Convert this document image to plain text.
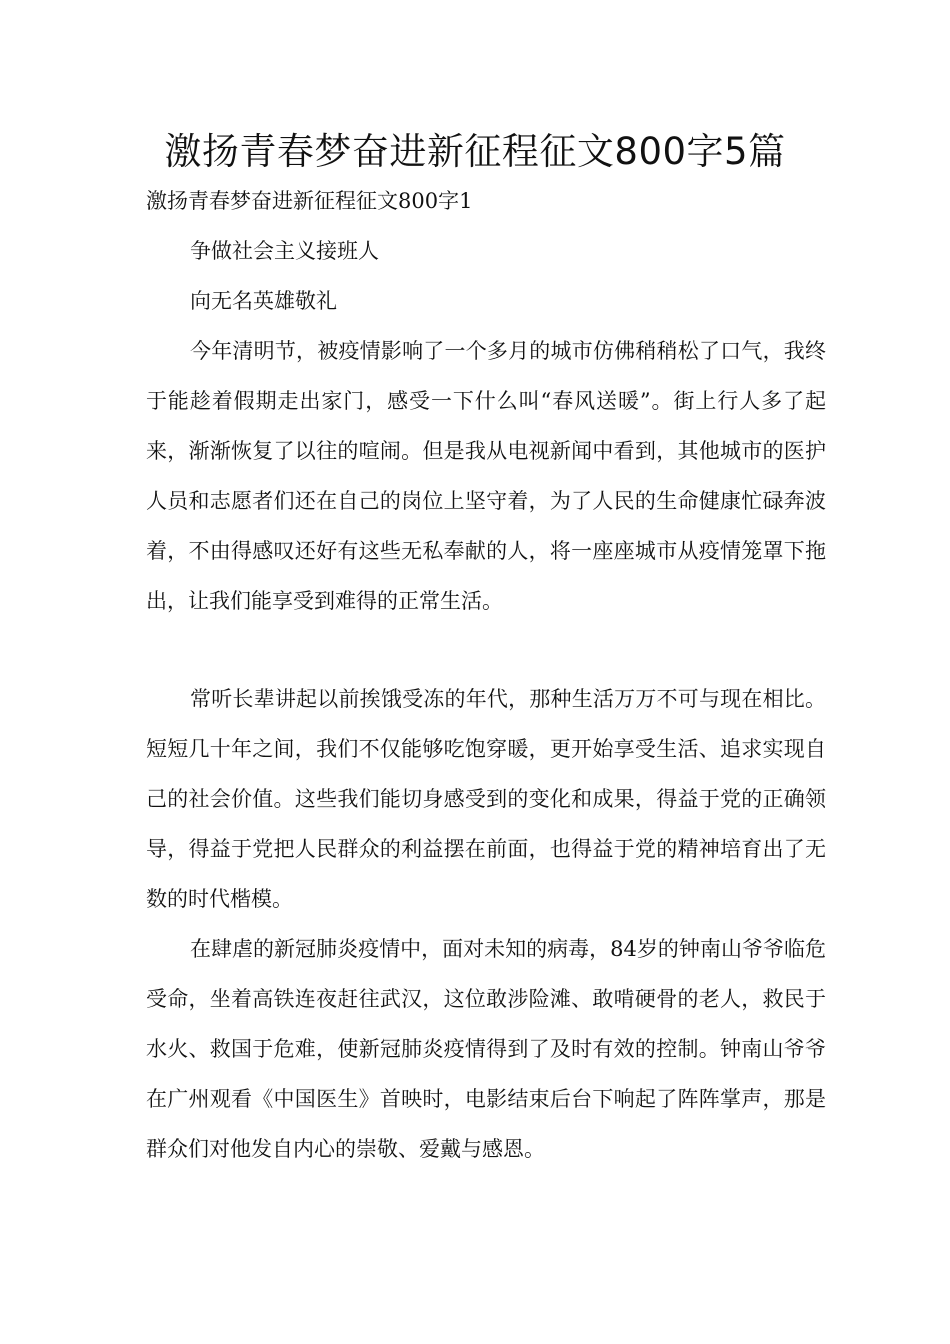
激扬青春梦奋进新征程征文800字5篇

激扬青春梦奋进新征程征文800字1

争做社会主义接班人

向无名英雄敬礼

今年清明节，被疫情影响了一个多月的城市仿佛稍稍松了口气，我终于能趁着假期走出家门，感受一下什么叫“春风送暖”。街上行人多了起来，渐渐恢复了以往的喧闹。但是我从电视新闻中看到，其他城市的医护人员和志愿者们还在自己的岗位上坚守着，为了人民的生命健康忙碌奔波着，不由得感叹还好有这些无私奉献的人，将一座座城市从疫情笼罩下拖出，让我们能享受到难得的正常生活。

常听长辈讲起以前挨饿受冻的年代，那种生活万万不可与现在相比。短短几十年之间，我们不仅能够吃饱穿暖，更开始享受生活、追求实现自己的社会价值。这些我们能切身感受到的变化和成果，得益于党的正确领导，得益于党把人民群众的利益摆在前面，也得益于党的精神培育出了无数的时代楷模。

在肆虐的新冠肺炎疫情中，面对未知的病毒，84岁的钟南山爷爷临危受命，坐着高铁连夜赶往武汉，这位敢涉险滩、敢啃硬骨的老人，救民于水火、救国于危难，使新冠肺炎疫情得到了及时有效的控制。钟南山爷爷在广州观看《中国医生》首映时，电影结束后台下响起了阵阵掌声，那是群众们对他发自内心的崇敬、爱戴与感恩。
